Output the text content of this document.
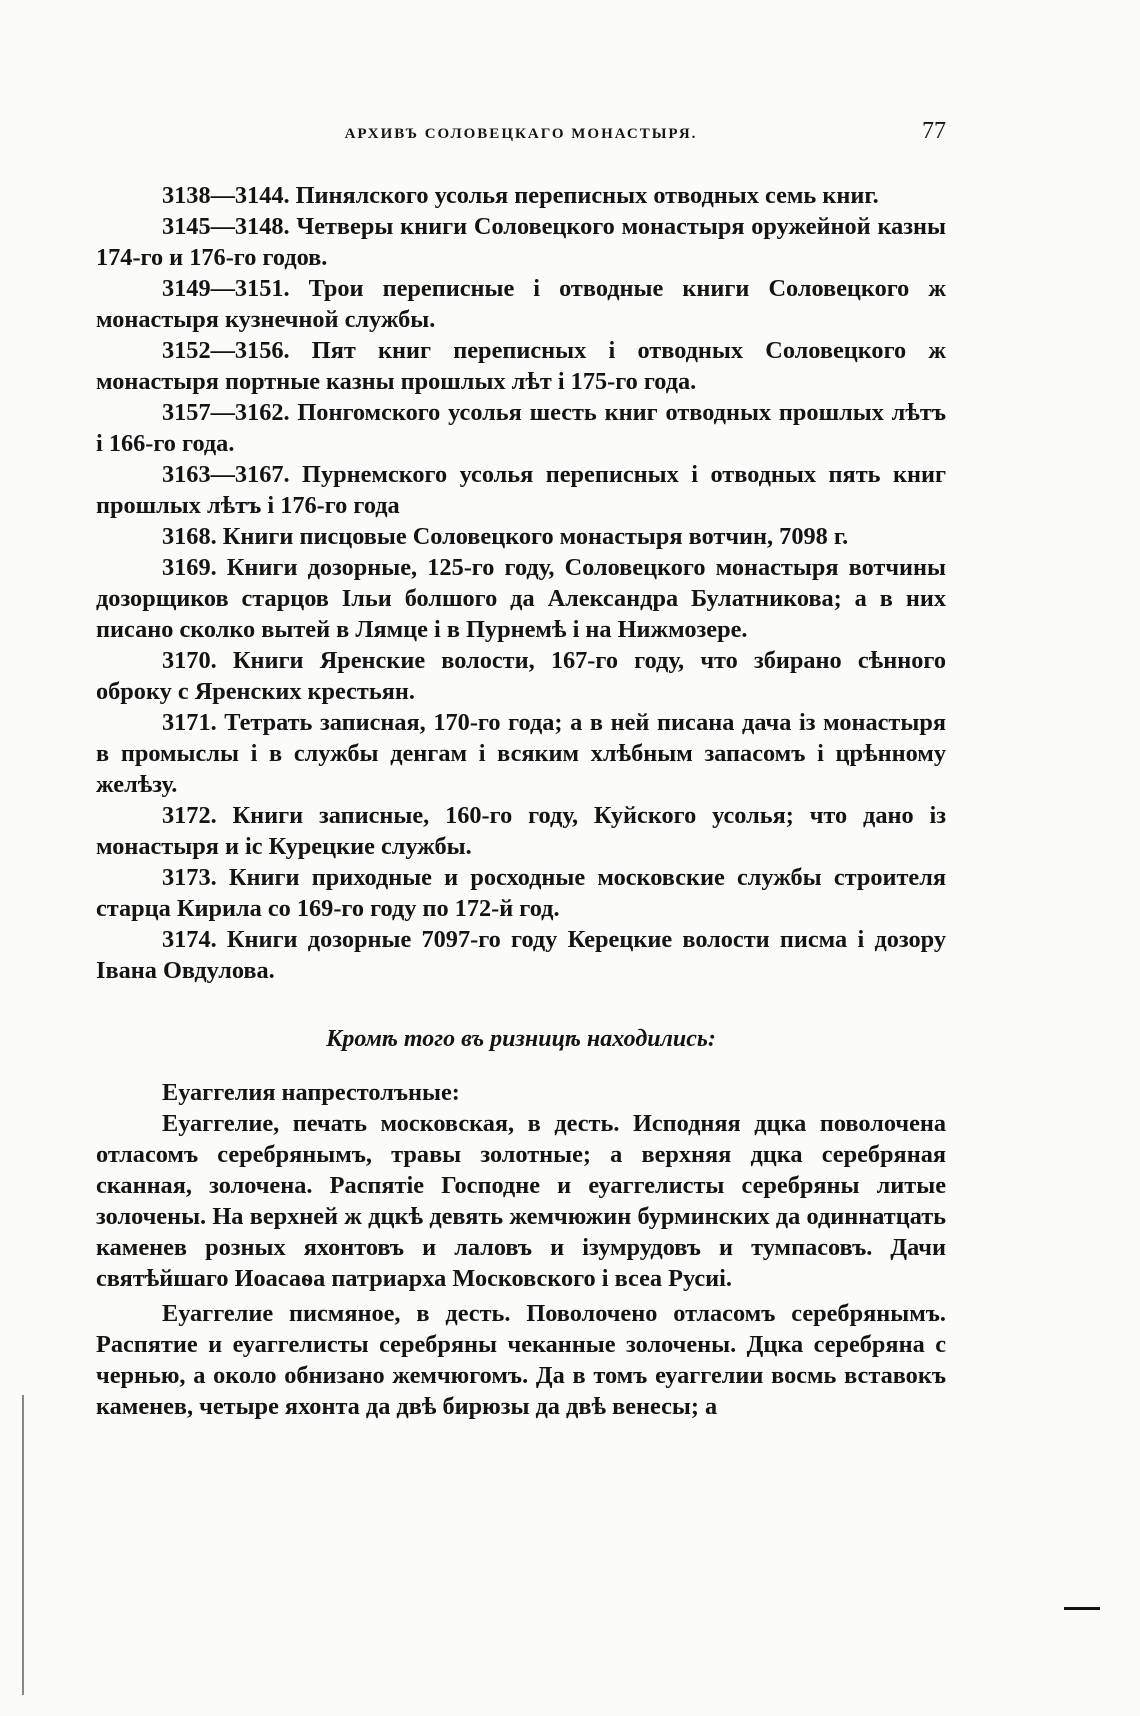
АРХИВЪ СОЛОВЕЦКАГО МОНАСТЫРЯ.	77

3138—3144. Пинялского усолья переписных отводных семь книг.

3145—3148. Четверы книги Соловецкого монастыря оружейной казны 174-го и 176-го годов.

3149—3151. Трои переписные і отводные книги Соловецкого ж монастыря кузнечной службы.

3152—3156. Пят книг переписных і отводных Соловецкого ж монастыря портные казны прошлых лѣт і 175-го года.

3157—3162. Понгомского усолья шесть книг отводных прошлых лѣтъ і 166-го года.

3163—3167. Пурнемского усолья переписных і отводных пять книг прошлых лѣтъ і 176-го года

3168. Книги писцовые Соловецкого монастыря вотчин, 7098 г.

3169. Книги дозорные, 125-го году, Соловецкого монастыря вотчины дозорщиков старцов Ільи болшого да Александра Булатникова; а в них писано сколко вытей в Лямце і в Пурнемѣ і на Нижмозере.

3170. Книги Яренские волости, 167-го году, что збирано сѣнного оброку с Яренских крестьян.

3171. Тетрать записная, 170-го года; а в ней писана дача із монастыря в промыслы і в службы денгам і всяким хлѣбным запасомъ і црѣнному желѣзу.

3172. Книги записные, 160-го году, Куйского усолья; что дано із монастыря и іс Курецкие службы.

3173. Книги приходные и росходные московские службы строителя старца Кирила со 169-го году по 172-й год.

3174. Книги дозорные 7097-го году Керецкие волости писма і дозору Івана Овдулова.

Кромѣ того въ ризницѣ находились:

Еуаггелия напрестолъные:

Еуаггелие, печать московская, в десть. Исподняя дцка поволочена отласомъ серебрянымъ, травы золотные; а верхняя дцка серебряная сканная, золочена. Распятіе Господне и еуаггелисты серебряны литые золочены. На верхней ж дцкѣ девять жемчюжин бурминских да одиннатцать каменев розных яхонтовъ и лаловъ и ізумрудовъ и тумпасовъ. Дачи святѣйшаго Иоасаѳа патриарха Московского і всеа Русиі.

Еуаггелие писмяное, в десть. Поволочено отласомъ серебрянымъ. Распятие и еуаггелисты серебряны чеканные золочены. Дцка серебряна с чернью, а около обнизано жемчюгомъ. Да в томъ еуаггелии восмь вставокъ каменев, четыре яхонта да двѣ бирюзы да двѣ венесы; а
